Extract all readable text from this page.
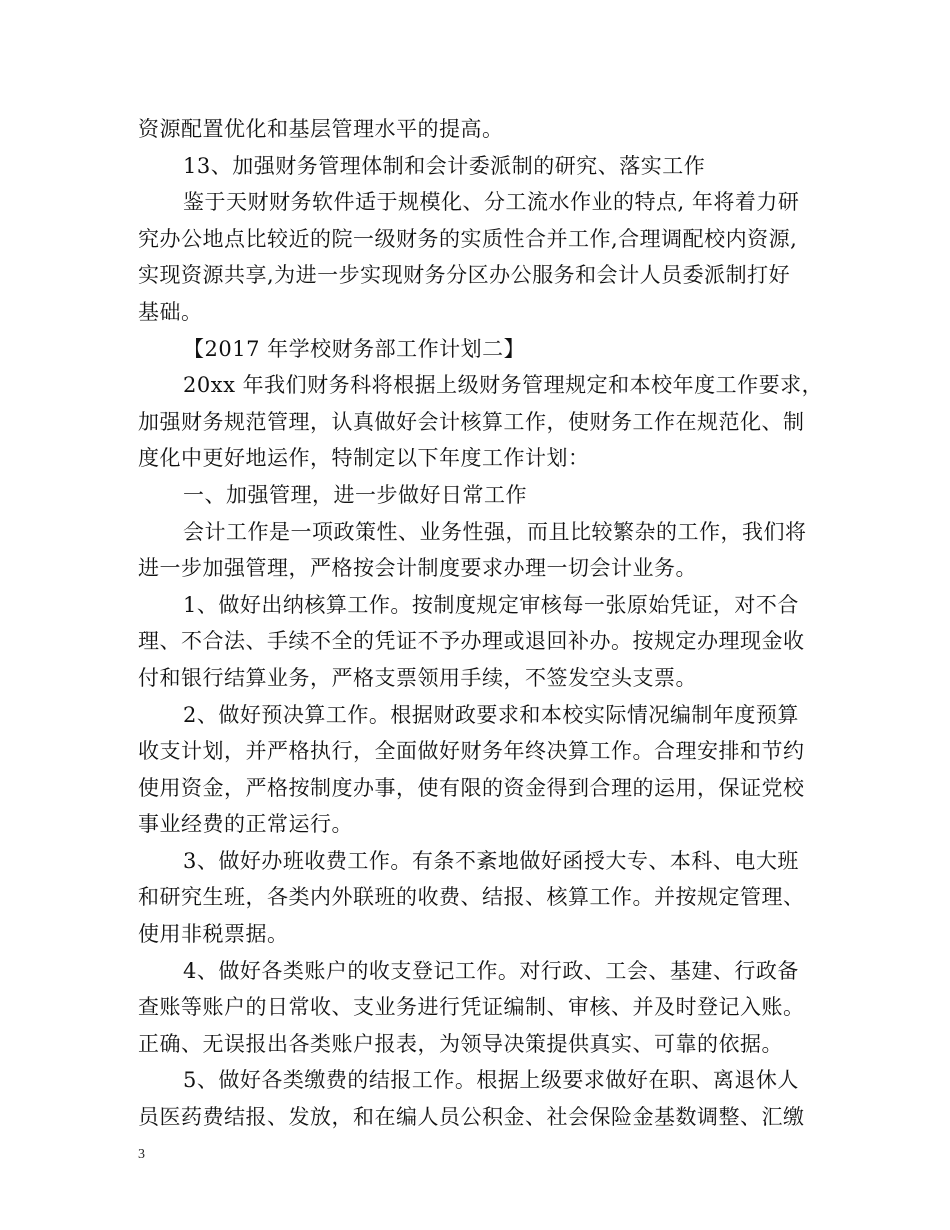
资源配置优化和基层管理水平的提高。
13、加强财务管理体制和会计委派制的研究、落实工作
鉴于天财财务软件适于规模化、分工流水作业的特点, 年将着力研
究办公地点比较近的院一级财务的实质性合并工作,合理调配校内资源,
实现资源共享,为进一步实现财务分区办公服务和会计人员委派制打好
基础。
【2017 年学校财务部工作计划二】
20xx 年我们财务科将根据上级财务管理规定和本校年度工作要求，
加强财务规范管理，认真做好会计核算工作，使财务工作在规范化、制
度化中更好地运作，特制定以下年度工作计划：
一、加强管理，进一步做好日常工作
会计工作是一项政策性、业务性强，而且比较繁杂的工作，我们将
进一步加强管理，严格按会计制度要求办理一切会计业务。
1、做好出纳核算工作。按制度规定审核每一张原始凭证，对不合
理、不合法、手续不全的凭证不予办理或退回补办。按规定办理现金收
付和银行结算业务，严格支票领用手续，不签发空头支票。
2、做好预决算工作。根据财政要求和本校实际情况编制年度预算
收支计划，并严格执行，全面做好财务年终决算工作。合理安排和节约
使用资金，严格按制度办事，使有限的资金得到合理的运用，保证党校
事业经费的正常运行。
3、做好办班收费工作。有条不紊地做好函授大专、本科、电大班
和研究生班，各类内外联班的收费、结报、核算工作。并按规定管理、
使用非税票据。
4、做好各类账户的收支登记工作。对行政、工会、基建、行政备
查账等账户的日常收、支业务进行凭证编制、审核、并及时登记入账。
正确、无误报出各类账户报表，为领导决策提供真实、可靠的依据。
5、做好各类缴费的结报工作。根据上级要求做好在职、离退休人
员医药费结报、发放，和在编人员公积金、社会保险金基数调整、汇缴
3
